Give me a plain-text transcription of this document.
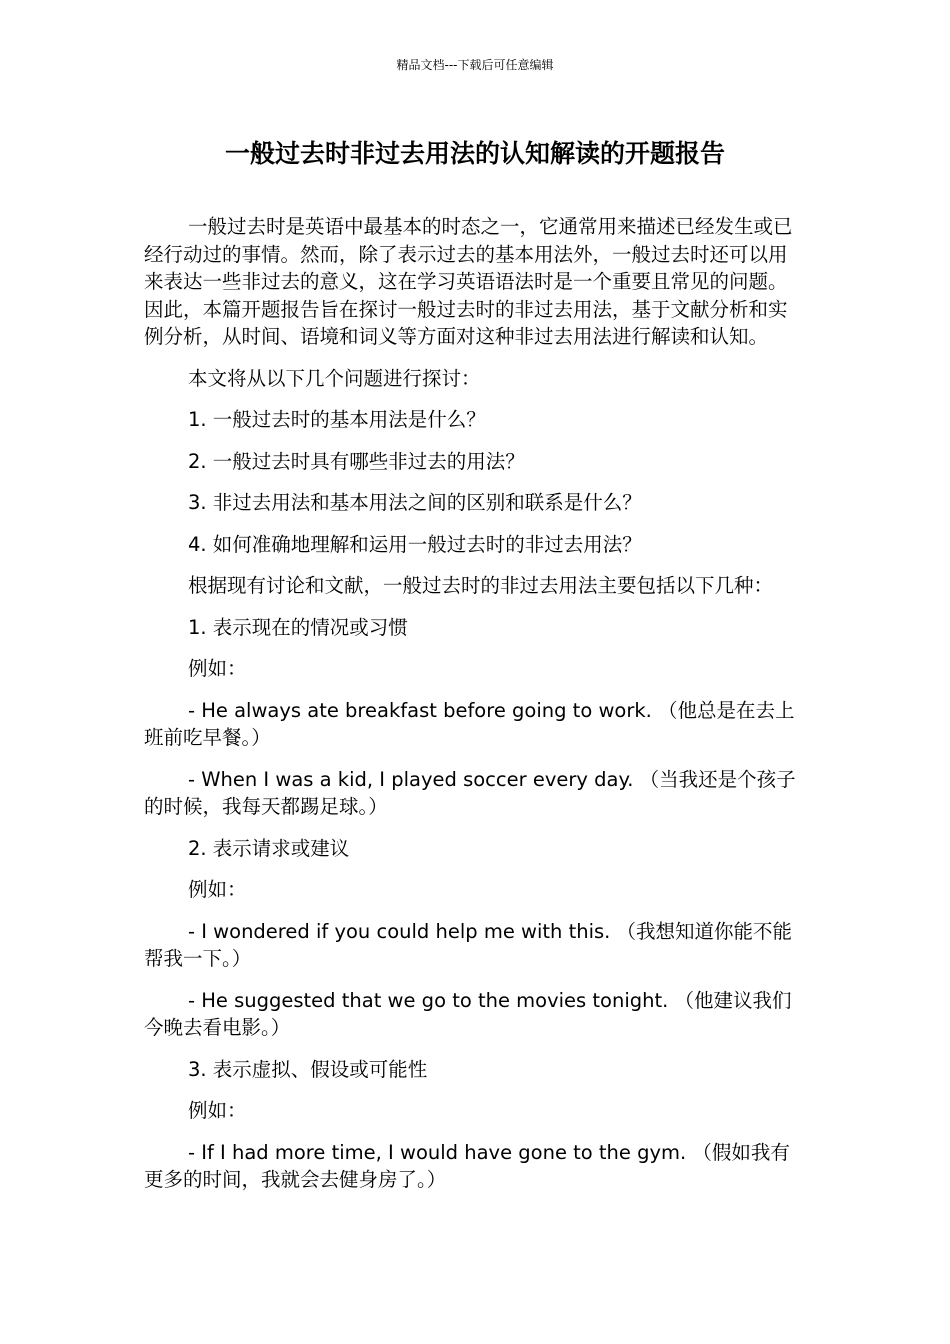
精品文档---下载后可任意编辑
一般过去时非过去用法的认知解读的开题报告

一般过去时是英语中最基本的时态之一，它通常用来描述已经发生或已经行动过的事情。然而，除了表示过去的基本用法外，一般过去时还可以用来表达一些非过去的意义，这在学习英语语法时是一个重要且常见的问题。因此，本篇开题报告旨在探讨一般过去时的非过去用法，基于文献分析和实例分析，从时间、语境和词义等方面对这种非过去用法进行解读和认知。

本文将从以下几个问题进行探讨：

1. 一般过去时的基本用法是什么？

2. 一般过去时具有哪些非过去的用法？

3. 非过去用法和基本用法之间的区别和联系是什么？

4. 如何准确地理解和运用一般过去时的非过去用法？

根据现有讨论和文献，一般过去时的非过去用法主要包括以下几种：

1. 表示现在的情况或习惯

例如：

- He always ate breakfast before going to work. （他总是在去上班前吃早餐。）

- When I was a kid, I played soccer every day. （当我还是个孩子的时候，我每天都踢足球。）

2. 表示请求或建议

例如：

- I wondered if you could help me with this. （我想知道你能不能帮我一下。）

- He suggested that we go to the movies tonight. （他建议我们今晚去看电影。）

3. 表示虚拟、假设或可能性

例如：

- If I had more time, I would have gone to the gym. （假如我有更多的时间，我就会去健身房了。）
